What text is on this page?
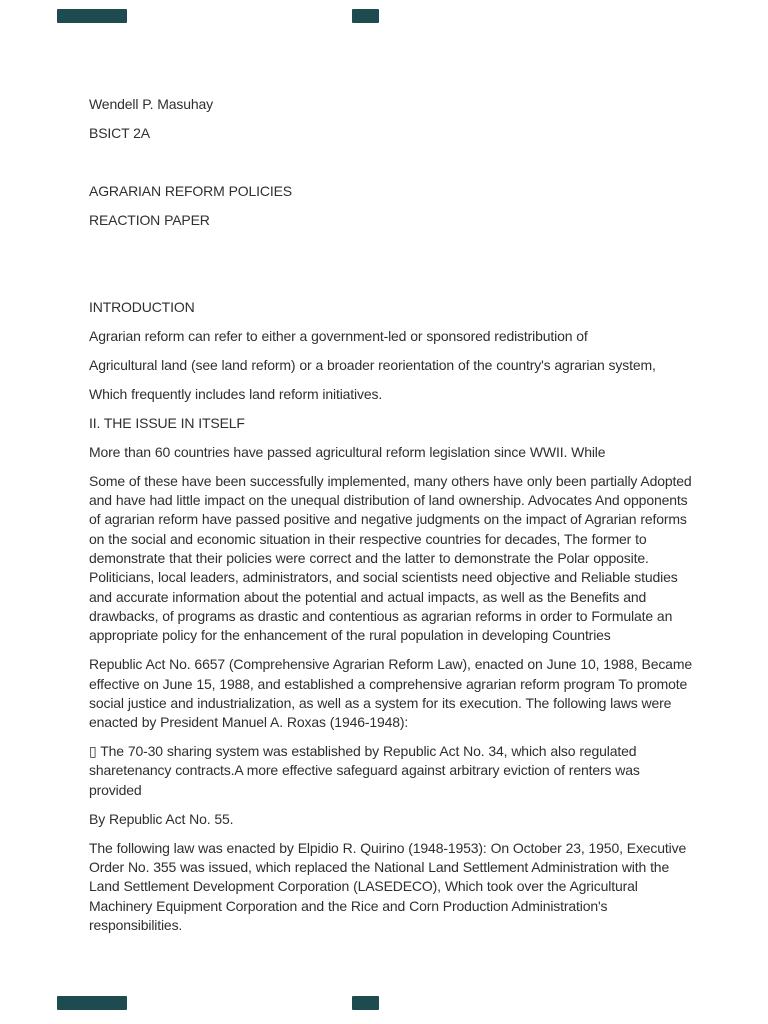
Wendell P. Masuhay

BSICT 2A

AGRARIAN REFORM POLICIES

REACTION PAPER

INTRODUCTION

Agrarian reform can refer to either a government-led or sponsored redistribution of

Agricultural land (see land reform) or a broader reorientation of the country's agrarian system,

Which frequently includes land reform initiatives.

II. THE ISSUE IN ITSELF

More than 60 countries have passed agricultural reform legislation since WWII. While

Some of these have been successfully implemented, many others have only been partially Adopted and have had little impact on the unequal distribution of land ownership. Advocates And opponents of agrarian reform have passed positive and negative judgments on the impact of Agrarian reforms on the social and economic situation in their respective countries for decades, The former to demonstrate that their policies were correct and the latter to demonstrate the Polar opposite. Politicians, local leaders, administrators, and social scientists need objective and Reliable studies and accurate information about the potential and actual impacts, as well as the Benefits and drawbacks, of programs as drastic and contentious as agrarian reforms in order to Formulate an appropriate policy for the enhancement of the rural population in developing Countries

Republic Act No. 6657 (Comprehensive Agrarian Reform Law), enacted on June 10, 1988, Became effective on June 15, 1988, and established a comprehensive agrarian reform program To promote social justice and industrialization, as well as a system for its execution. The following laws were enacted by President Manuel A. Roxas (1946-1948):

▯ The 70-30 sharing system was established by Republic Act No. 34, which also regulated sharetenancy contracts.A more effective safeguard against arbitrary eviction of renters was provided

By Republic Act No. 55.

The following law was enacted by Elpidio R. Quirino (1948-1953): On October 23, 1950, Executive Order No. 355 was issued, which replaced the National Land Settlement Administration with the Land Settlement Development Corporation (LASEDECO), Which took over the Agricultural Machinery Equipment Corporation and the Rice and Corn Production Administration's responsibilities.
